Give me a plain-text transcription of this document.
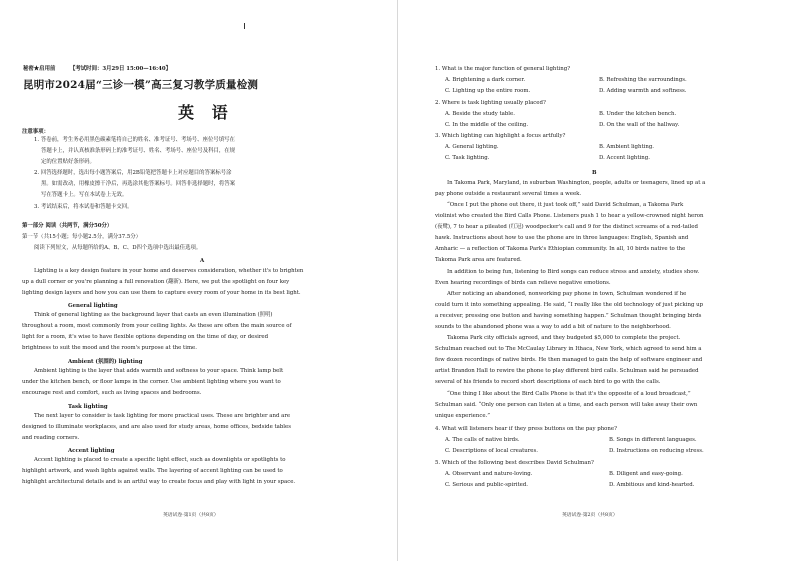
秘密★启用前	【考试时间：3月29日 15:00—16:40】
昆明市2024届“三诊一模”高三复习教学质量检测
英 语
注意事项：
1. 答卷前，考生务必用黑色碳素笔将自己的姓名、准考证号、考场号、座位号填写在
答题卡上，并认真核准条形码上的准考证号、姓名、考场号、座位号及科目，在规
定的位置贴好条形码。
2. 回答选择题时，选出每小题答案后，用2B铅笔把答题卡上对应题目的答案标号涂
黑。如需改动，用橡皮擦干净后，再选涂其他答案标号。回答非选择题时，将答案
写在答题卡上。写在本试卷上无效。
3. 考试结束后，将本试卷和答题卡交回。
第一部分 阅读（共两节，满分50分）
第一节（共15小题；每小题2.5分，满分37.5分）
阅读下列短文，从每题所给的A、B、C、D四个选项中选出最佳选项。
A
Lighting is a key design feature in your home and deserves consideration, whether it's to brighten
up a dull corner or you're planning a full renovation (翻新). Here, we put the spotlight on four key
lighting design layers and how you can use them to capture every room of your home in its best light.
General lighting
Think of general lighting as the background layer that casts an even illumination (照明)
throughout a room, most commonly from your ceiling lights. As these are often the main source of
light for a room, it's wise to have flexible options depending on the time of day, or desired
brightness to suit the mood and the room's purpose at the time.
Ambient (氛围的) lighting
Ambient lighting is the layer that adds warmth and softness to your space. Think lamp belt
under the kitchen bench, or floor lamps in the corner. Use ambient lighting where you want to
encourage rest and comfort, such as living spaces and bedrooms.
Task lighting
The next layer to consider is task lighting for more practical uses. These are brighter and are
designed to illuminate workplaces, and are also used for study areas, home offices, bedside tables
and reading corners.
Accent lighting
Accent lighting is placed to create a specific light effect, such as downlights or spotlights to
highlight artwork, and wash lights against walls. The layering of accent lighting can be used to
highlight architectural details and is an artful way to create focus and play with light in your space.
英语试卷·第1页（共8页）
1. What is the major function of general lighting?
A. Brightening a dark corner.	B. Refreshing the surroundings.
C. Lighting up the entire room.	D. Adding warmth and softness.
2. Where is task lighting usually placed?
A. Beside the study table.	B. Under the kitchen bench.
C. In the middle of the ceiling.	D. On the wall of the hallway.
3. Which lighting can highlight a focus artfully?
A. General lighting.	B. Ambient lighting.
C. Task lighting.	D. Accent lighting.
B
In Takoma Park, Maryland, in suburban Washington, people, adults or teenagers, lined up at a
pay phone outside a restaurant several times a week.
“Once I put the phone out there, it just took off,” said David Schulman, a Takoma Park
violinist who created the Bird Calls Phone. Listeners push 1 to hear a yellow-crowned night heron
(夜鹭), 7 to hear a pileated (红冠) woodpecker's call and 9 for the distinct screams of a red-tailed
hawk. Instructions about how to use the phone are in three languages: English, Spanish and
Amharic — a reflection of Takoma Park's Ethiopian community. In all, 10 birds native to the
Takoma Park area are featured.
In addition to being fun, listening to Bird songs can reduce stress and anxiety, studies show.
Even hearing recordings of birds can relieve negative emotions.
After noticing an abandoned, nonworking pay phone in town, Schulman wondered if he
could turn it into something appealing. He said, “I really like the old technology of just picking up
a receiver, pressing one button and having something happen.” Schulman thought bringing birds
sounds to the abandoned phone was a way to add a bit of nature to the neighborhood.
Takoma Park city officials agreed, and they budgeted $5,000 to complete the project.
Schulman reached out to The McCaulay Library in Ithaca, New York, which agreed to send him a
few dozen recordings of native birds. He then managed to gain the help of software engineer and
artist Brandon Hall to rewire the phone to play different bird calls. Schulman said he persuaded
several of his friends to record short descriptions of each bird to go with the calls.
“One thing I like about the Bird Calls Phone is that it's the opposite of a loud broadcast,”
Schulman said. “Only one person can listen at a time, and each person will take away their own
unique experience.”
4. What will listeners hear if they press buttons on the pay phone?
A. The calls of native birds.	B. Songs in different languages.
C. Descriptions of local creatures.	D. Instructions on reducing stress.
5. Which of the following best describes David Schulman?
A. Observant and nature-loving.	B. Diligent and easy-going.
C. Serious and public-spirited.	D. Ambitious and kind-hearted.
英语试卷·第2页（共8页）
